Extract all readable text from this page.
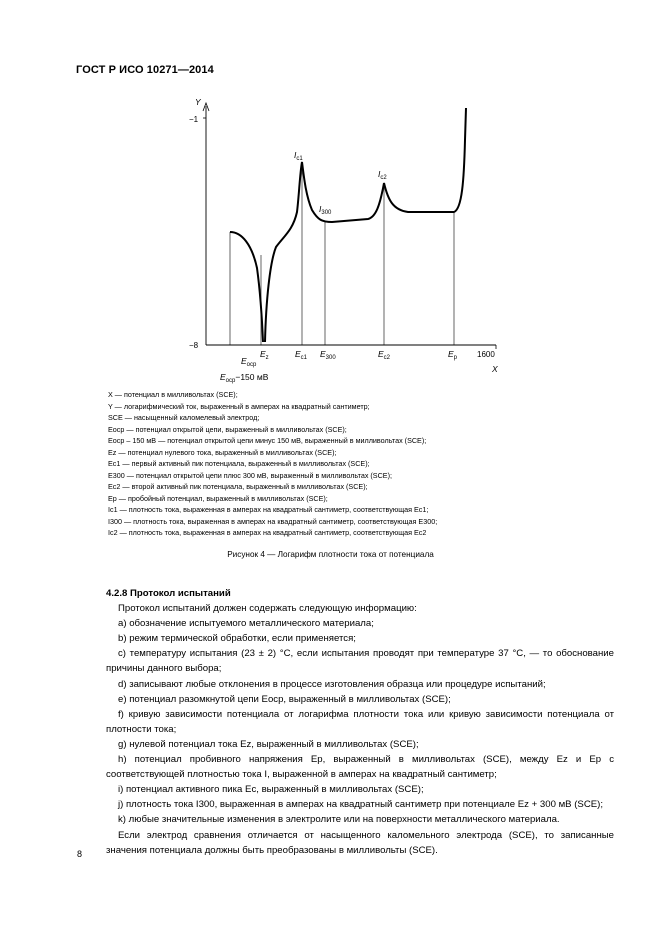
ГОСТ Р ИСО 10271—2014
Y
−1
−8
1600
X
$I_{c1}$
$I_{c2}$
$I_{300}$
$E_z$	$E_{c1}$ $E_{300}$	$E_{c2}$	$E_p$
$E_{оср}$
$E_{оср}-150$ мВ
X — потенциал в милливольтах (SCE);
Y — логарифмический ток, выраженный в амперах на квадратный сантиметр;
SCE — насыщенный каломелевый электрод;
Eоср — потенциал открытой цепи, выраженный в милливольтах (SCE);
Eоср – 150 мВ — потенциал открытой цепи минус 150 мВ, выраженный в милливольтах (SCE);
Ez — потенциал нулевого тока, выраженный в милливольтах (SCE);
Ec1 — первый активный пик потенциала, выраженный в милливольтах (SCE);
E300 — потенциал открытой цепи плюс 300 мВ, выраженный в милливольтах (SCE);
Ec2 — второй активный пик потенциала, выраженный в милливольтах (SCE);
Ep — пробойный потенциал, выраженный в милливольтах (SCE);
Ic1 — плотность тока, выраженная в амперах на квадратный сантиметр, соответствующая Ec1;
I300 — плотность тока, выраженная в амперах на квадратный сантиметр, соответствующая E300;
Ic2 — плотность тока, выраженная в амперах на квадратный сантиметр, соответствующая Ec2
Рисунок 4 — Логарифм плотности тока от потенциала

4.2.8 Протокол испытаний

Протокол испытаний должен содержать следующую информацию:

a) обозначение испытуемого металлического материала;

b) режим термической обработки, если применяется;

c) температуру испытания (23 ± 2) °C, если испытания проводят при температуре 37 °C, — то обоснование причины данного выбора;

d) записывают любые отклонения в процессе изготовления образца или процедуре испытаний;

e) потенциал разомкнутой цепи Eоср, выраженный в милливольтах (SCE);

f) кривую зависимости потенциала от логарифма плотности тока или кривую зависимости потенциала от плотности тока;

g) нулевой потенциал тока Ez, выраженный в милливольтах (SCE);

h) потенциал пробивного напряжения Ep, выраженный в милливольтах (SCE), между Ez и Ep с соответствующей плотностью тока I, выраженной в амперах на квадратный сантиметр;

i) потенциал активного пика Ec, выраженный в милливольтах (SCE);

j) плотность тока I300, выраженная в амперах на квадратный сантиметр при потенциале Ez + 300 мВ (SCE);

k) любые значительные изменения в электролите или на поверхности металлического материала.

Если электрод сравнения отличается от насыщенного каломельного электрода (SCE), то записанные значения потенциала должны быть преобразованы в милливольты (SCE).

8
